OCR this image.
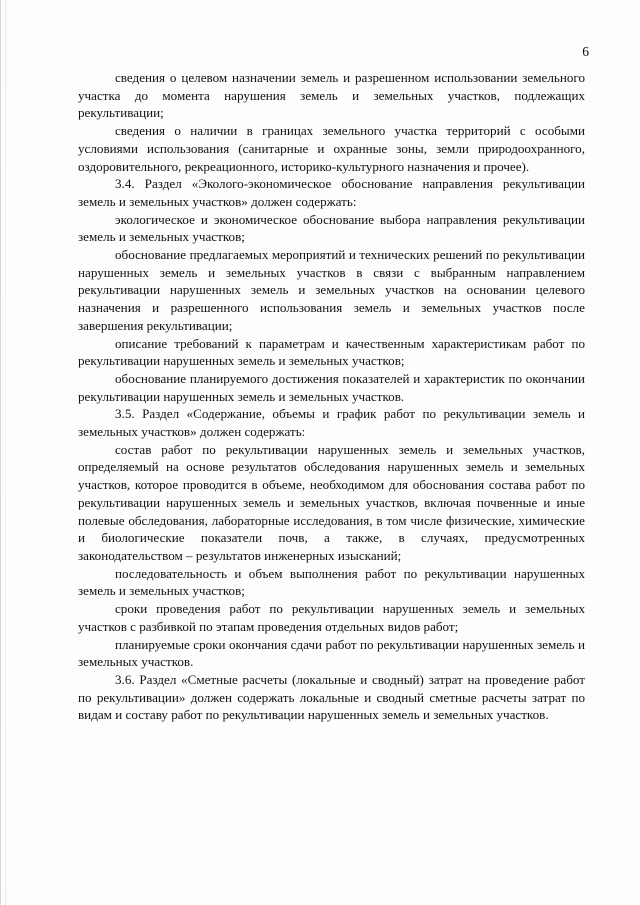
6

сведения о целевом назначении земель и разрешенном использовании земельного участка до момента нарушения земель и земельных участков, подлежащих рекультивации;

сведения о наличии в границах земельного участка территорий с особыми условиями использования (санитарные и охранные зоны, земли природоохранного, оздоровительного, рекреационного, историко-культурного назначения и прочее).

3.4. Раздел «Эколого-экономическое обоснование направления рекультивации земель и земельных участков» должен содержать:

экологическое и экономическое обоснование выбора направления рекультивации земель и земельных участков;

обоснование предлагаемых мероприятий и технических решений по рекультивации нарушенных земель и земельных участков в связи с выбранным направлением рекультивации нарушенных земель и земельных участков на основании целевого назначения и разрешенного использования земель и земельных участков после завершения рекультивации;

описание требований к параметрам и качественным характеристикам работ по рекультивации нарушенных земель и земельных участков;

обоснование планируемого достижения показателей и характеристик по окончании рекультивации нарушенных земель и земельных участков.

3.5. Раздел «Содержание, объемы и график работ по рекультивации земель и земельных участков» должен содержать:

состав работ по рекультивации нарушенных земель и земельных участков, определяемый на основе результатов обследования нарушенных земель и земельных участков, которое проводится в объеме, необходимом для обоснования состава работ по рекультивации нарушенных земель и земельных участков, включая почвенные и иные полевые обследования, лабораторные исследования, в том числе физические, химические и биологические показатели почв, а также, в случаях, предусмотренных законодательством – результатов инженерных изысканий;

последовательность и объем выполнения работ по рекультивации нарушенных земель и земельных участков;

сроки проведения работ по рекультивации нарушенных земель и земельных участков с разбивкой по этапам проведения отдельных видов работ;

планируемые сроки окончания сдачи работ по рекультивации нарушенных земель и земельных участков.

3.6. Раздел «Сметные расчеты (локальные и сводный) затрат на проведение работ по рекультивации» должен содержать локальные и сводный сметные расчеты затрат по видам и составу работ по рекультивации нарушенных земель и земельных участков.
